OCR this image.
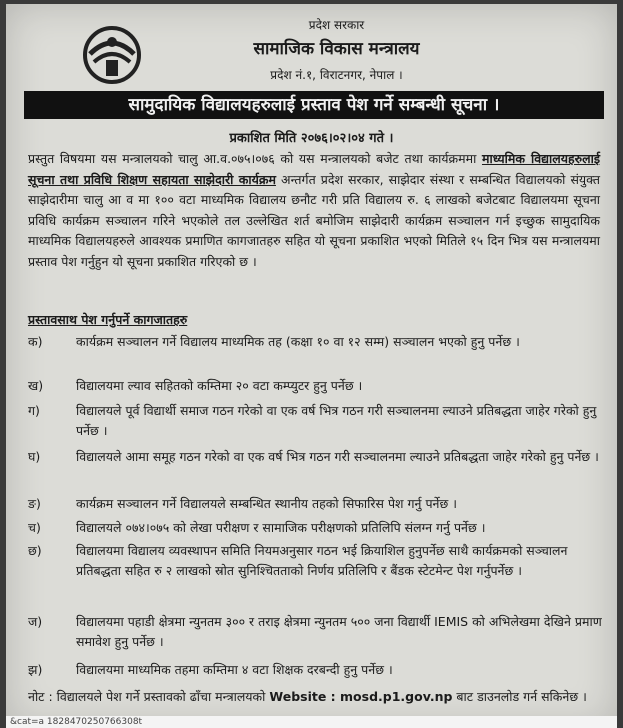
प्रदेश सरकार
सामाजिक विकास मन्त्रालय
प्रदेश नं.१, विराटनगर, नेपाल ।
सामुदायिक विद्यालयहरुलाई प्रस्ताव पेश गर्ने सम्बन्धी सूचना ।
प्रकाशित मिति २०७६।०२।०४ गते ।
प्रस्तुत विषयमा यस मन्त्रालयको चालु आ.व.०७५।०७६ को यस मन्त्रालयको बजेट तथा कार्यक्रममा माध्यमिक विद्यालयहरुलाई सूचना तथा प्रविधि शिक्षण सहायता साझेदारी कार्यक्रम अन्तर्गत प्रदेश सरकार, साझेदार संस्था र सम्बन्धित विद्यालयको संयुक्त साझेदारीमा चालु आ व मा १०० वटा माध्यमिक विद्यालय छनौट गरी प्रति विद्यालय रु. ६ लाखको बजेटबाट विद्यालयमा सूचना प्रविधि कार्यक्रम सञ्चालन गरिने भएकोले तल उल्लेखित शर्त बमोजिम साझेदारी कार्यक्रम सञ्चालन गर्न इच्छुक सामुदायिक माध्यमिक विद्यालयहरुले आवश्यक प्रमाणित कागजातहरु सहित यो सूचना प्रकाशित भएको मितिले १५ दिन भित्र यस मन्त्रालयमा प्रस्ताव पेश गर्नुहुन यो सूचना प्रकाशित गरिएको छ ।
प्रस्तावसाथ पेश गर्नुपर्ने कागजातहरु
क)	कार्यक्रम सञ्चालन गर्ने विद्यालय माध्यमिक तह (कक्षा १० वा १२ सम्म) सञ्चालन भएको हुनु पर्नेछ ।
ख)	विद्यालयमा ल्याव सहितको कम्तिमा २० वटा कम्प्युटर हुनु पर्नेछ ।
ग)	विद्यालयले पूर्व विद्यार्थी समाज गठन गरेको वा एक वर्ष भित्र गठन गरी सञ्चालनमा ल्याउने प्रतिबद्धता जाहेर गरेको हुनु पर्नेछ ।
घ)	विद्यालयले आमा समूह गठन गरेको वा एक वर्ष भित्र गठन गरी सञ्चालनमा ल्याउने प्रतिबद्धता जाहेर गरेको हुनु पर्नेछ ।
ङ)	कार्यक्रम सञ्चालन गर्ने विद्यालयले सम्बन्धित स्थानीय तहको सिफारिस पेश गर्नु पर्नेछ ।
च)	विद्यालयले ०७४।०७५ को लेखा परीक्षण र सामाजिक परीक्षणको प्रतिलिपि संलग्न गर्नु पर्नेछ ।
छ)	विद्यालयमा विद्यालय व्यवस्थापन समिति नियमअनुसार गठन भई क्रियाशिल हुनुपर्नेछ साथै कार्यक्रमको सञ्चालन प्रतिबद्धता सहित रु २ लाखको स्रोत सुनिश्चितताको निर्णय प्रतिलिपि र बैंडक स्टेटमेन्ट पेश गर्नुपर्नेछ ।
ज)	विद्यालयमा पहाडी क्षेत्रमा न्युनतम ३०० र तराइ क्षेत्रमा न्युनतम ५०० जना विद्यार्थी IEMIS को अभिलेखमा देखिने प्रमाण समावेश हुनु पर्नेछ ।
झ)	विद्यालयमा माध्यमिक तहमा कम्तिमा ४ वटा शिक्षक दरबन्दी हुनु पर्नेछ ।
नोट : विद्यालयले पेश गर्ने प्रस्तावको ढाँचा मन्त्रालयको Website : mosd.p1.gov.np बाट डाउनलोड गर्न सकिनेछ ।
&cat=a 1828470250766308t
